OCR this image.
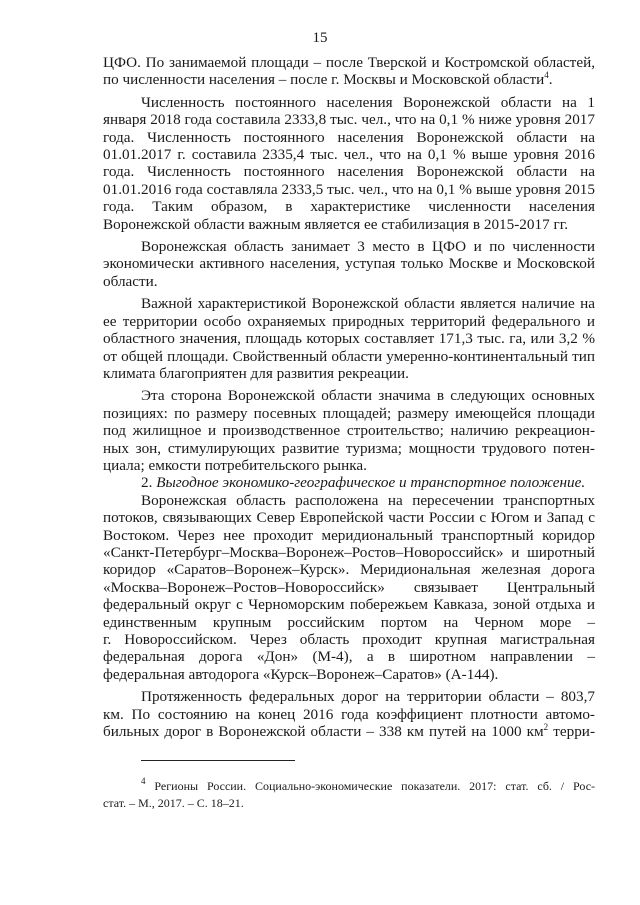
15
ЦФО. По занимаемой площади – после Тверской и Костромской областей,
по численности населения – после г. Москвы и Московской области$^4$.
Численность постоянного населения Воронежской области на 1
января 2018 года составила 2333,8 тыс. чел., что на 0,1 % ниже уровня 2017
года. Численность постоянного населения Воронежской области на
01.01.2017 г. составила 2335,4 тыс. чел., что на 0,1 % выше уровня 2016
года. Численность постоянного населения Воронежской области на
01.01.2016 года составляла 2333,5 тыс. чел., что на 0,1 % выше уровня 2015
года. Таким образом, в характеристике численности населения
Воронежской области важным является ее стабилизация в 2015-2017 гг.
Воронежская область занимает 3 место в ЦФО и по численности
экономически активного населения, уступая только Москве и Московской
области.
Важной характеристикой Воронежской области является наличие на
ее территории особо охраняемых природных территорий федерального и
областного значения, площадь которых составляет 171,3 тыс. га, или 3,2 %
от общей площади. Свойственный области умеренно-континентальный тип
климата благоприятен для развития рекреации.
Эта сторона Воронежской области значима в следующих основных
позициях: по размеру посевных площадей; размеру имеющейся площади
под жилищное и производственное строительство; наличию рекреацион-
ных зон, стимулирующих развитие туризма; мощности трудового потен-
циала; емкости потребительского рынка.
2. Выгодное экономико-географическое и транспортное положение.
Воронежская область расположена на пересечении транспортных
потоков, связывающих Север Европейской части России с Югом и Запад с
Востоком. Через нее проходит меридиональный транспортный коридор
«Санкт-Петербург–Москва–Воронеж–Ростов–Новороссийск» и широтный
коридор «Саратов–Воронеж–Курск». Меридиональная железная дорога
«Москва–Воронеж–Ростов–Новороссийск» связывает Центральный
федеральный округ с Черноморским побережьем Кавказа, зоной отдыха и
единственным крупным российским портом на Черном море –
г. Новороссийском. Через область проходит крупная магистральная
федеральная дорога «Дон» (М-4), а в широтном направлении –
федеральная автодорога «Курск–Воронеж–Саратов» (А-144).
Протяженность федеральных дорог на территории области – 803,7
км. По состоянию на конец 2016 года коэффициент плотности автомо-
бильных дорог в Воронежской области – 338 км путей на 1000 $км^2$ терри-
$^4$ Регионы России. Социально-экономические показатели. 2017: стат. сб. / Рос-
стат. – М., 2017. – С. 18–21.
